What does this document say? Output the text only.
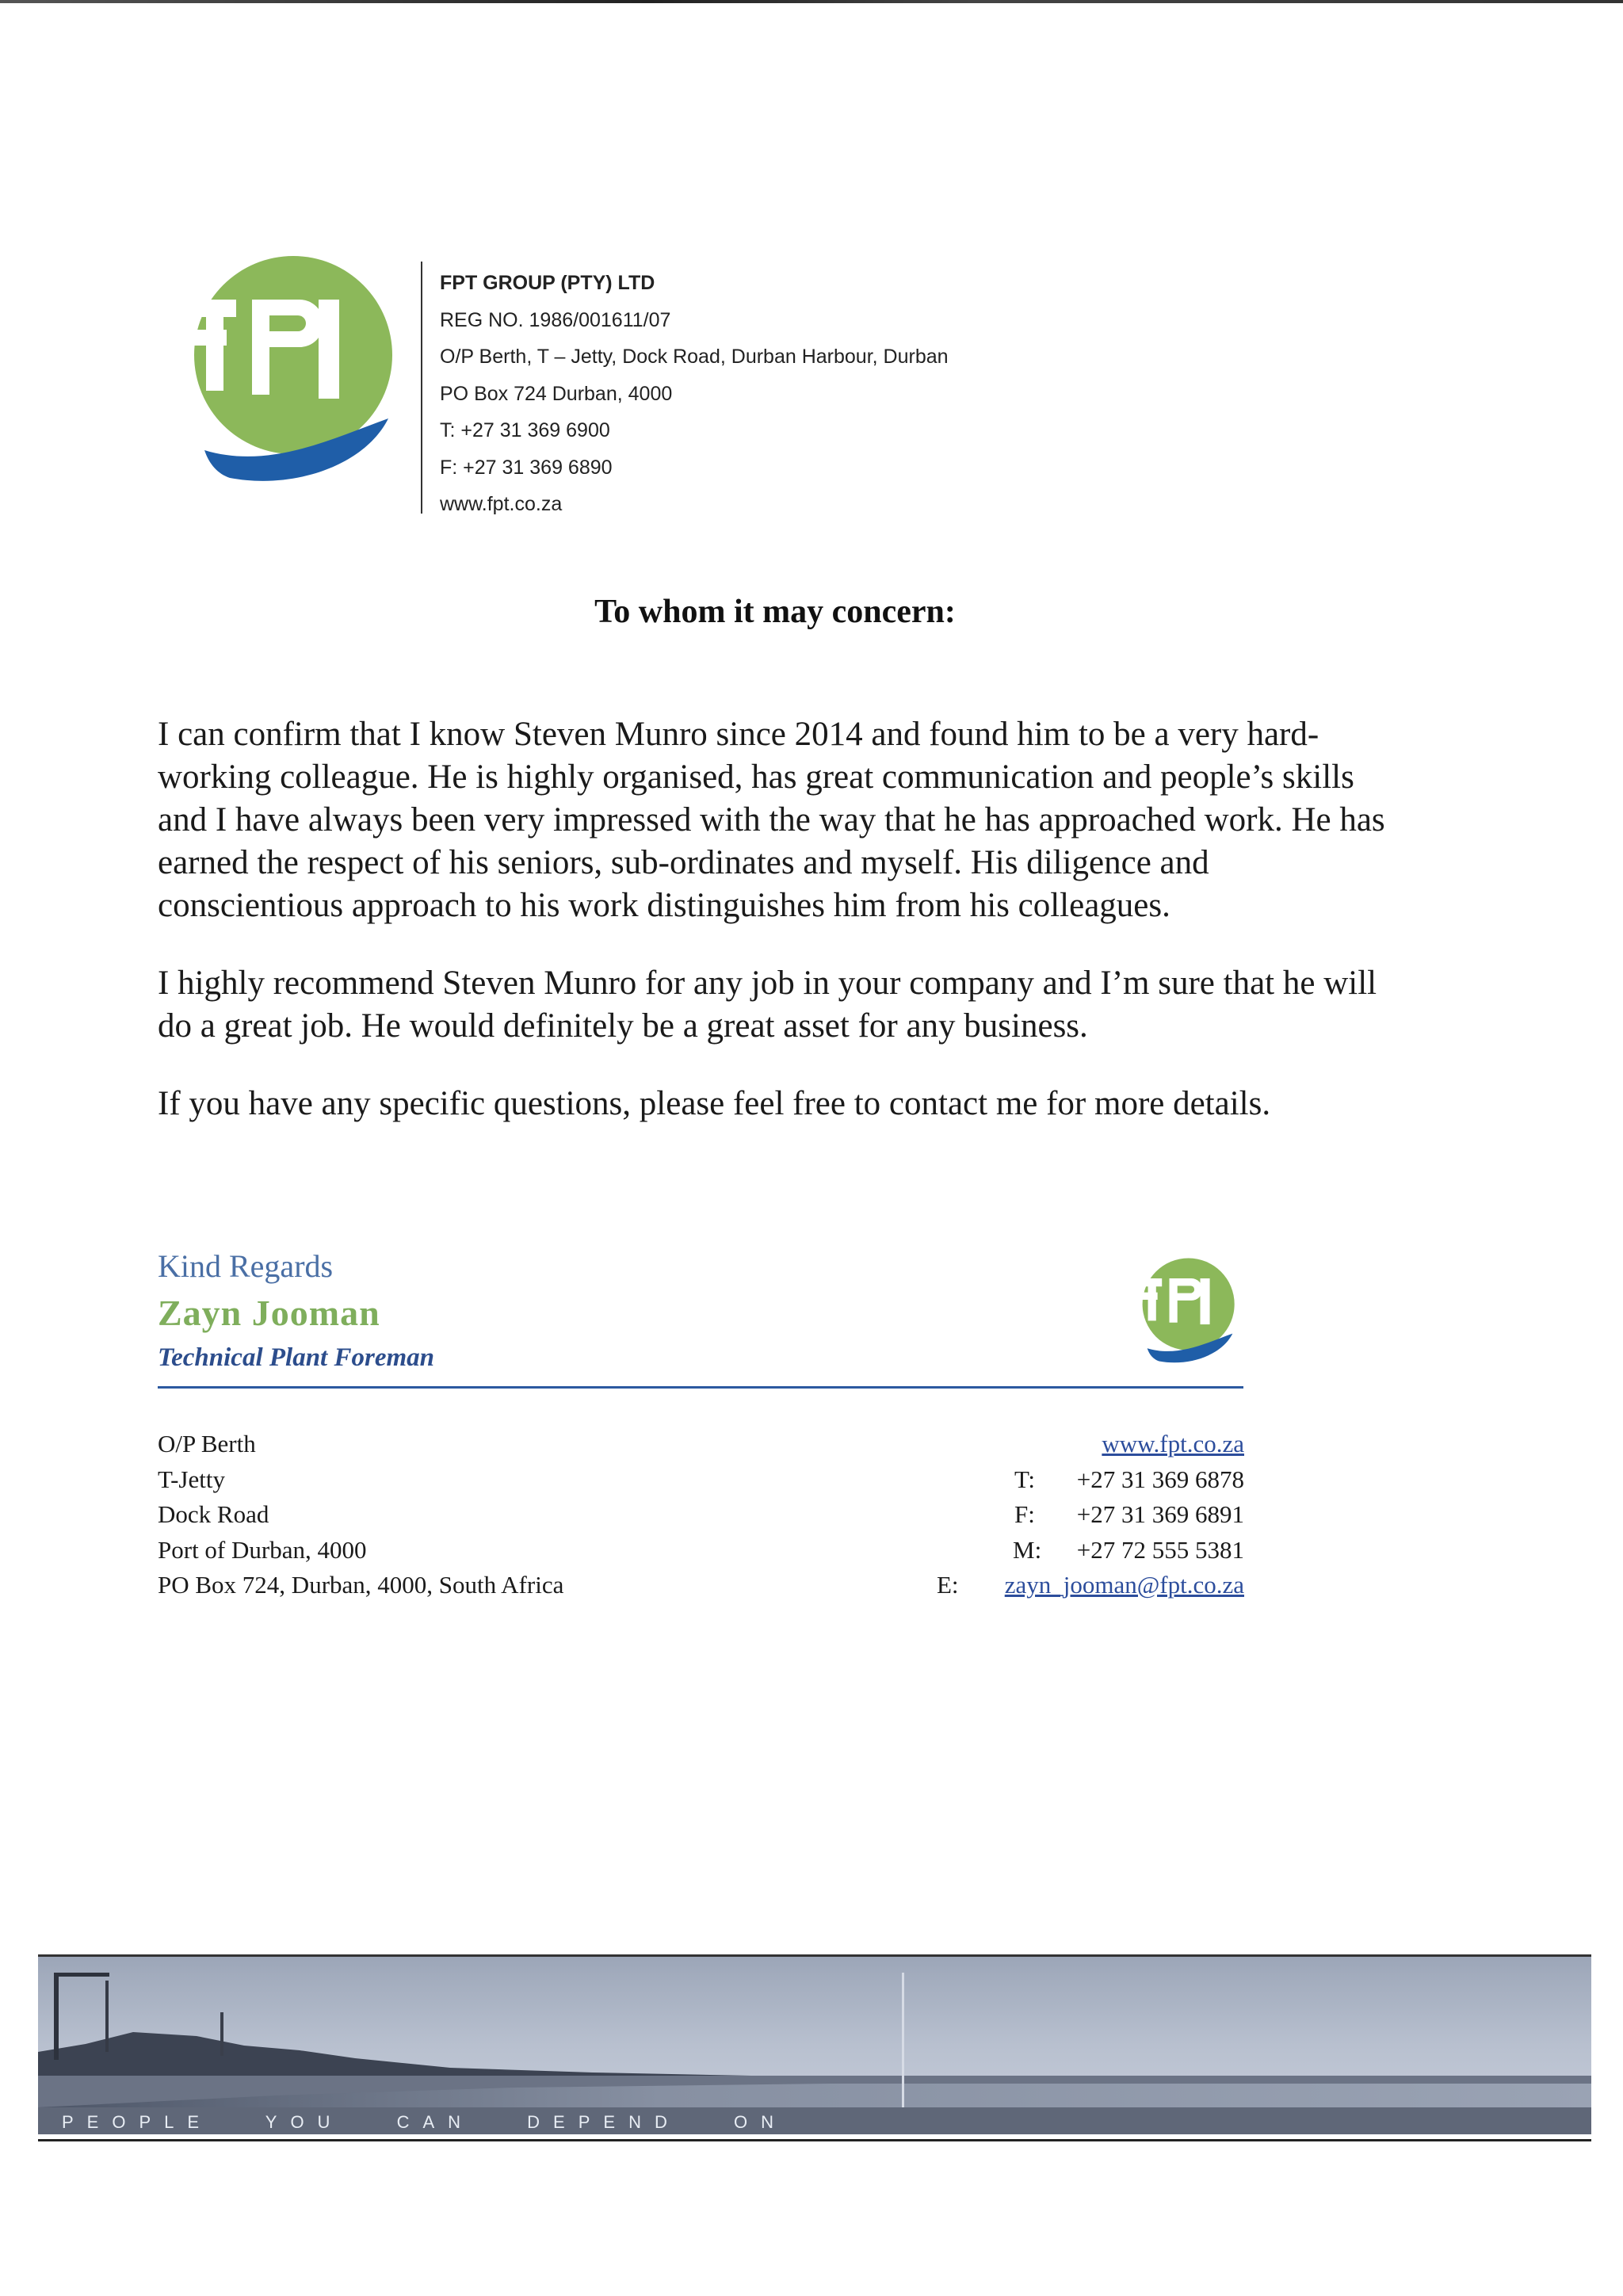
FPT GROUP (PTY) LTD
REG NO. 1986/001611/07
O/P Berth, T – Jetty, Dock Road, Durban Harbour, Durban
PO Box 724 Durban, 4000
T: +27 31 369 6900
F: +27 31 369 6890
www.fpt.co.za
To whom it may concern:

I can confirm that I know Steven Munro since 2014 and found him to be a very hard-working colleague. He is highly organised, has great communication and people’s skills and I have always been very impressed with the way that he has approached work. He has earned the respect of his seniors, sub-ordinates and myself. His diligence and conscientious approach to his work distinguishes him from his colleagues.

I highly recommend Steven Munro for any job in your company and I’m sure that he will do a great job. He would definitely be a great asset for any business.

If you have any specific questions, please feel free to contact me for more details.

Kind Regards
Zayn Jooman
Technical Plant Foreman
O/P Berth
T-Jetty
Dock Road
Port of Durban, 4000
PO Box 724, Durban, 4000, South Africa
www.fpt.co.za
T: +27 31 369 6878
F: +27 31 369 6891
M: +27 72 555 5381
E: zayn_jooman@fpt.co.za
PEOPLE	YOU	CAN	DEPEND	ON
